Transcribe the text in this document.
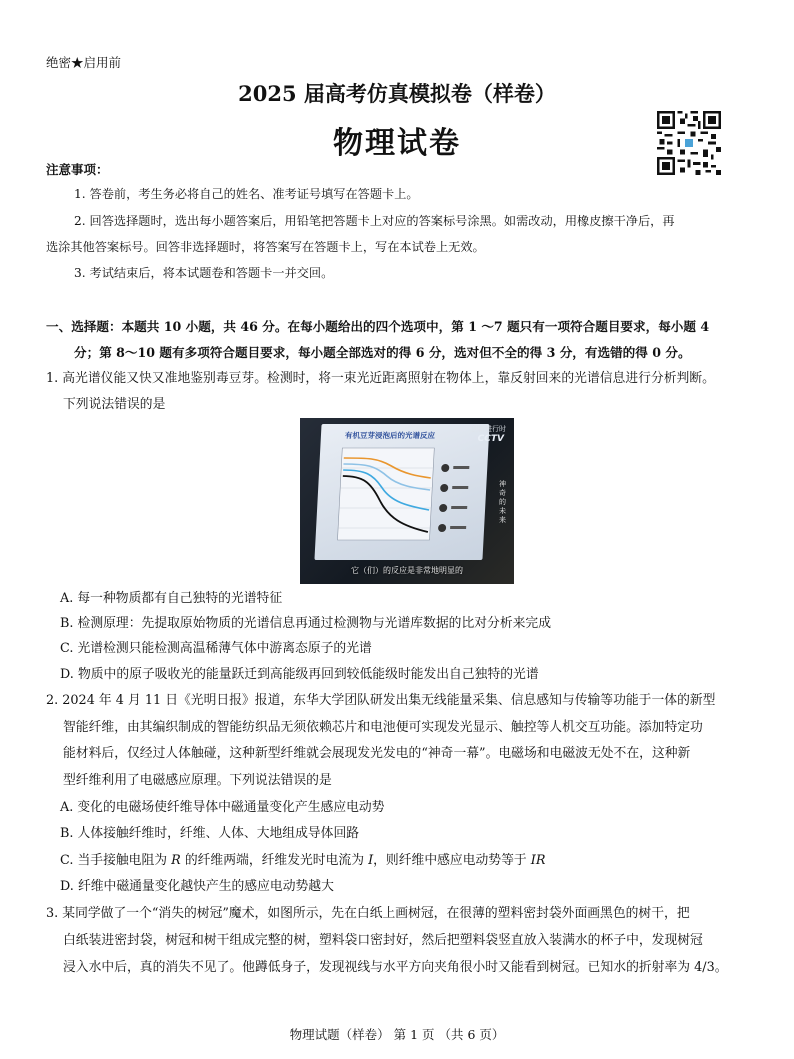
绝密★启用前
2025 届高考仿真模拟卷（样卷）
物理试卷
注意事项：
1. 答卷前，考生务必将自己的姓名、准考证号填写在答题卡上。
2. 回答选择题时，选出每小题答案后，用铅笔把答题卡上对应的答案标号涂黑。如需改动，用橡皮擦干净后，再
选涂其他答案标号。回答非选择题时，将答案写在答题卡上，写在本试卷上无效。
3. 考试结束后，将本试题卷和答题卡一并交回。
一、选择题：本题共 10 小题，共 46 分。在每小题给出的四个选项中，第 1 ～7 题只有一项符合题目要求，每小题 4
分；第 8～10 题有多项符合题目要求，每小题全部选对的得 6 分，选对但不全的得 3 分，有选错的得 0 分。
1. 高光谱仪能又快又准地鉴别毒豆芽。检测时，将一束光近距离照射在物体上，靠反射回来的光谱信息进行分析判断。
下列说法错误的是
有机豆芽浸泡后的光谱反应
创新进行时
CCTV
神奇的未来
它（们）的反应是非常地明显的
A. 每一种物质都有自己独特的光谱特征
B. 检测原理：先提取原始物质的光谱信息再通过检测物与光谱库数据的比对分析来完成
C. 光谱检测只能检测高温稀薄气体中游离态原子的光谱
D. 物质中的原子吸收光的能量跃迁到高能级再回到较低能级时能发出自己独特的光谱
2. 2024 年 4 月 11 日《光明日报》报道，东华大学团队研发出集无线能量采集、信息感知与传输等功能于一体的新型
智能纤维，由其编织制成的智能纺织品无须依赖芯片和电池便可实现发光显示、触控等人机交互功能。添加特定功
能材料后，仅经过人体触碰，这种新型纤维就会展现发光发电的“神奇一幕”。电磁场和电磁波无处不在，这种新
型纤维利用了电磁感应原理。下列说法错误的是
A. 变化的电磁场使纤维导体中磁通量变化产生感应电动势
B. 人体接触纤维时，纤维、人体、大地组成导体回路
C. 当手接触电阻为 R 的纤维两端，纤维发光时电流为 I，则纤维中感应电动势等于 IR
D. 纤维中磁通量变化越快产生的感应电动势越大
3. 某同学做了一个“消失的树冠”魔术，如图所示，先在白纸上画树冠，在很薄的塑料密封袋外面画黑色的树干，把
白纸装进密封袋，树冠和树干组成完整的树，塑料袋口密封好，然后把塑料袋竖直放入装满水的杯子中，发现树冠
浸入水中后，真的消失不见了。他蹲低身子，发现视线与水平方向夹角很小时又能看到树冠。已知水的折射率为 4/3。
物理试题（样卷） 第 1 页 （共 6 页）
